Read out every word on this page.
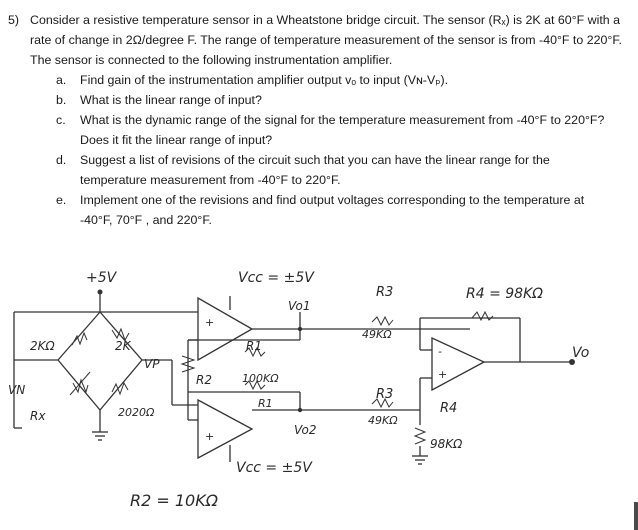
5) Consider a resistive temperature sensor in a Wheatstone bridge circuit. The sensor (Rₓ) is 2K at 60°F with a rate of change in 2Ω/degree F. The range of temperature measurement of the sensor is from -40°F to 220°F. The sensor is connected to the following instrumentation amplifier.
a.	Find gain of the instrumentation amplifier output vₒ to input (Vɴ-Vₚ).
b.	What is the linear range of input?
c.	What is the dynamic range of the signal for the temperature measurement from -40°F to 220°F? Does it fit the linear range of input?
d.	Suggest a list of revisions of the circuit such that you can have the linear range for the temperature measurement from -40°F to 220°F.
e.	Implement one of the revisions and find output voltages corresponding to the temperature at -40°F, 70°F , and 220°F.
+5V	Vcc = ±5V
Vo1
R3
49KΩ
R4 = 98KΩ
Vo
2KΩ	2K
VP
VN
Rx	2020Ω
R1
100KΩ
R2
R1
Vo2
R3
49KΩ
R4
98KΩ
Vcc = ±5V
R2 = 10KΩ
+
+
+
-
